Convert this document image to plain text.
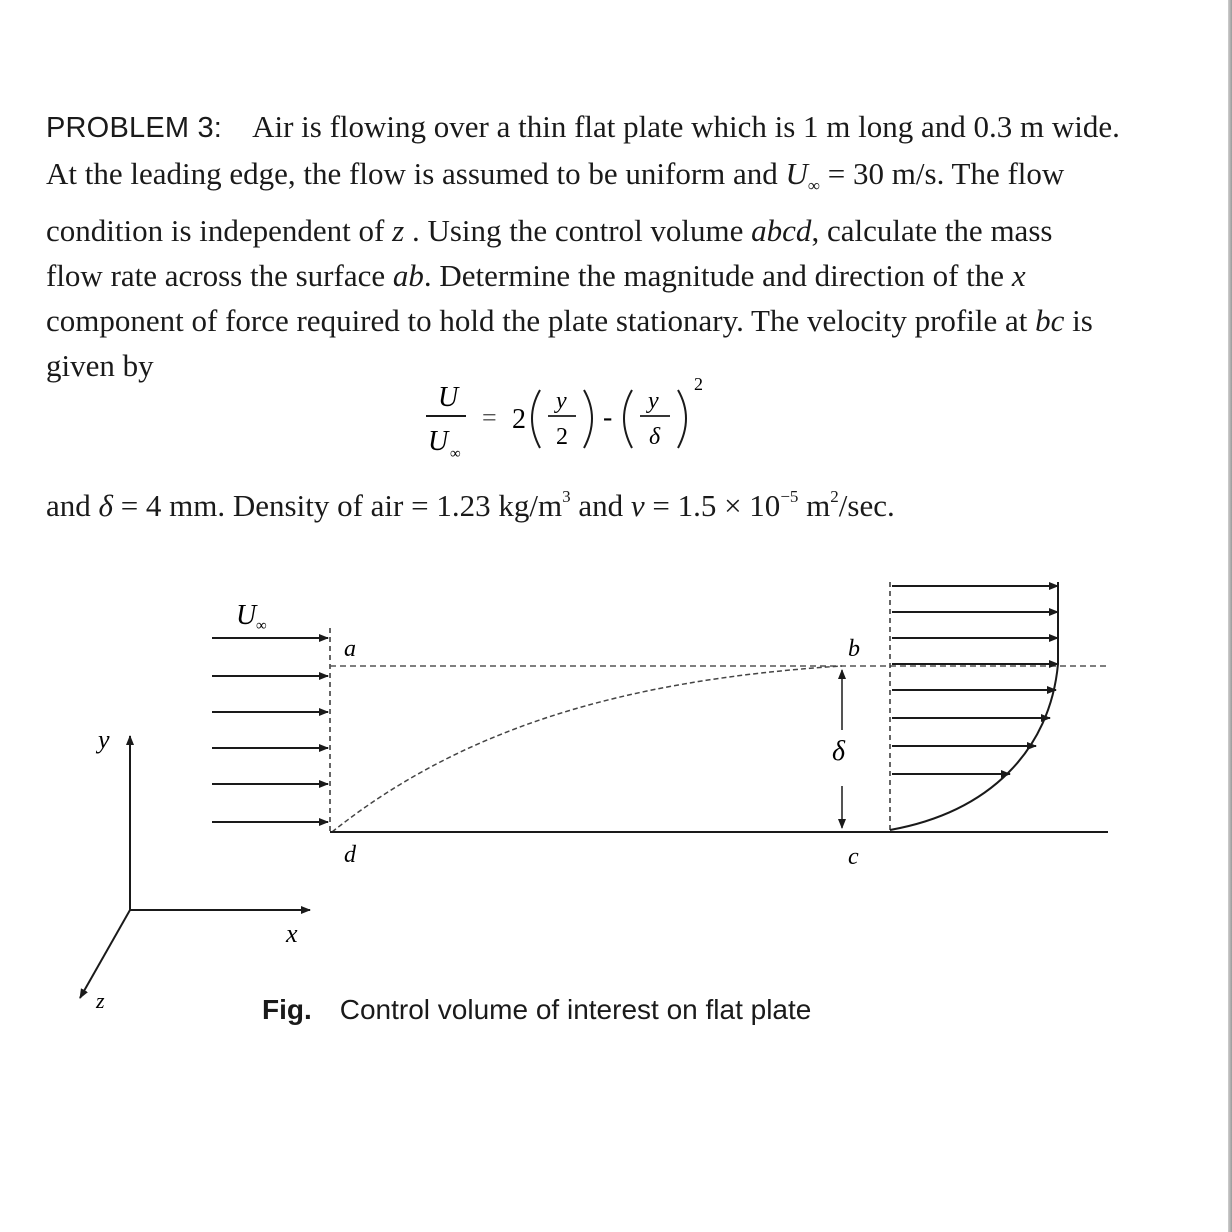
PROBLEM 3: Air is flowing over a thin flat plate which is 1 m long and 0.3 m wide.
At the leading edge, the flow is assumed to be uniform and $U_\infty = 30$ m/s. The flow
condition is independent of z . Using the control volume abcd, calculate the mass
flow rate across the surface ab. Determine the magnitude and direction of the x
component of force required to hold the plate stationary. The velocity profile at bc is
given by
U
U ∞
= 2
y
2
-
y
δ
2
and δ = 4 mm. Density of air = 1.23 $kg/m^3$ and $\nu = 1.5 \times 10^{-5}$ $m^2/\sec$.
U ∞
a	b
d	c
δ
y
x
z	Fig. Control volume of interest on flat plate
